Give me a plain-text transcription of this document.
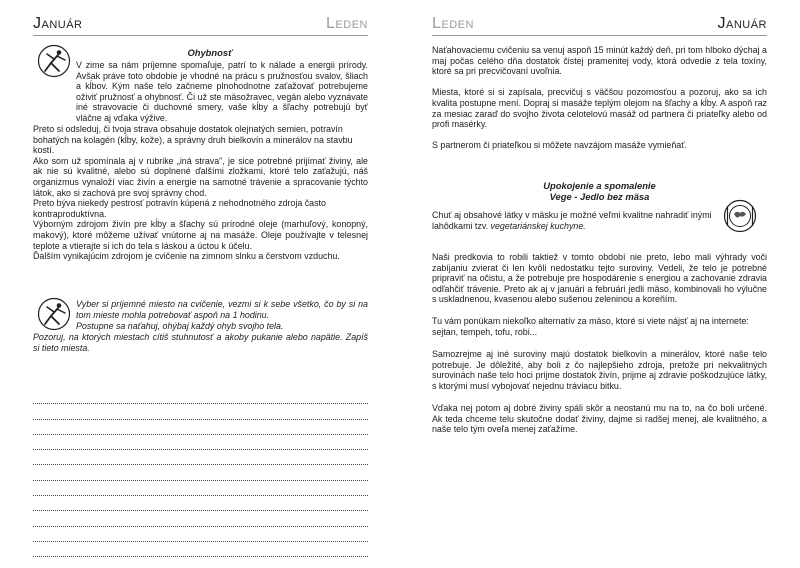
Január	Leden
Ohybnosť
V zime sa nám príjemne spomaľuje, patrí to k nálade a energii prírody. Avšak práve toto obdobie je vhodné na prácu s pružnosťou svalov, šliach a kĺbov. Kým naše telo začneme plnohodnotne zaťažovať potrebujeme oživiť pružnosť a ohybnosť. Či už ste mäsožravec, vegán alebo vyznávate iné stravovacie či duchovné smery, vaše kĺby a šľachy potrebujú byť vláčne aj vďaka výžive.

Preto si odsleduj, či tvoja strava obsahuje dostatok olejnatých semien, potravín bohatých na kolagén (kĺby, kože), a správny druh bielkovín a minerálov na stavbu kostí.

Ako som už spomínala aj v rubrike „iná strava", je sice potrebné prijímať živiny, ale ak nie sú kvalitné, alebo sú doplnené ďalšími zložkami, ktoré telo zaťažujú, náš organizmus vynaloží viac živín a energie na samotné trávenie a spracovanie týchto látok, ako si zachová pre svoj správny chod.

Preto býva niekedy pestrosť potravín kúpená z nehodnotného zdroja často kontraproduktívna.

Výborným zdrojom živín pre kĺby a šľachy sú prírodné oleje (marhuľový, konopný, makový), ktoré môžeme užívať vnútorne aj na masáže. Oleje používajte v telesnej teplote a vtierajte si ich do tela s láskou a úctou k účelu.

Ďalším vynikajúcim zdrojom je cvičenie na zimnom slnku a čerstvom vzduchu.

Vyber si príjemné miesto na cvičenie, vezmi si k sebe všetko, čo by si na tom mieste mohla potrebovať aspoň na 1 hodinu.
Postupne sa naťahuj, ohýbaj každý ohyb svojho tela.
Pozoruj, na ktorých miestach cítiš stuhnutosť a akoby pukanie alebo napätie. Zapíš si tieto miesta.
Leden	Január

Naťahovaciemu cvičeniu sa venuj aspoň 15 minút každý deň, pri tom hlboko dýchaj a maj počas celého dňa dostatok čistej pramenitej vody, ktorá odvedie z tela toxíny, ktoré sa pri precvičovaní uvoľnia.

Miesta, ktoré si si zapísala, precvičuj s väčšou pozornosťou a pozoruj, ako sa ich kvalita postupne mení. Dopraj si masáže teplým olejom na šľachy a kĺby. A aspoň raz za mesiac zaraď do svojho života celotelovú masáž od partnera či priateľky alebo od profi masérky.

S partnerom či priateľkou si môžete navzájom masáže vymieňať.

Upokojenie a spomalenie
Vege - Jedlo bez mäsa
Chuť aj obsahové látky v mäsku je možné veľmi kvalitne nahradiť inými lahôdkami tzv. vegetariánskej kuchyne.
Naši predkovia to robili taktiež v tomto období nie preto, lebo mali výhrady voči zabíjaniu zvierat či len kvôli nedostatku tejto suroviny. Vedeli, že telo je potrebné pripraviť na očistu, a že potrebuje pre hospodárenie s energiou a zachovanie zdravia odľahčiť trávenie. Preto ak aj v januári a februári jedli mäso, kombinovali ho výlučne s uskladnenou, kvasenou alebo sušenou zeleninou a koreňím.
Tu vám ponúkam niekoľko alternatív za mäso, ktoré si viete nájsť aj na internete: sejtan, tempeh, tofu, robi...
Samozrejme aj iné suroviny majú dostatok bielkovín a minerálov, ktoré naše telo potrebuje. Je dôležité, aby boli z čo najlepšieho zdroja, pretože pri nekvalitných surovinách naše telo hoci prijme dostatok živín, prijme aj zdravie poškodzujúce látky, s ktorými musí vybojovať nejednu tráviacu bitku.
Vďaka nej potom aj dobré živiny spáli skôr a neostanú mu na to, na čo boli určené. Ak teda chceme telu skutočne dodať živiny, dajme si radšej menej, ale kvalitného, a naše telo tým oveľa menej zaťažíme.
